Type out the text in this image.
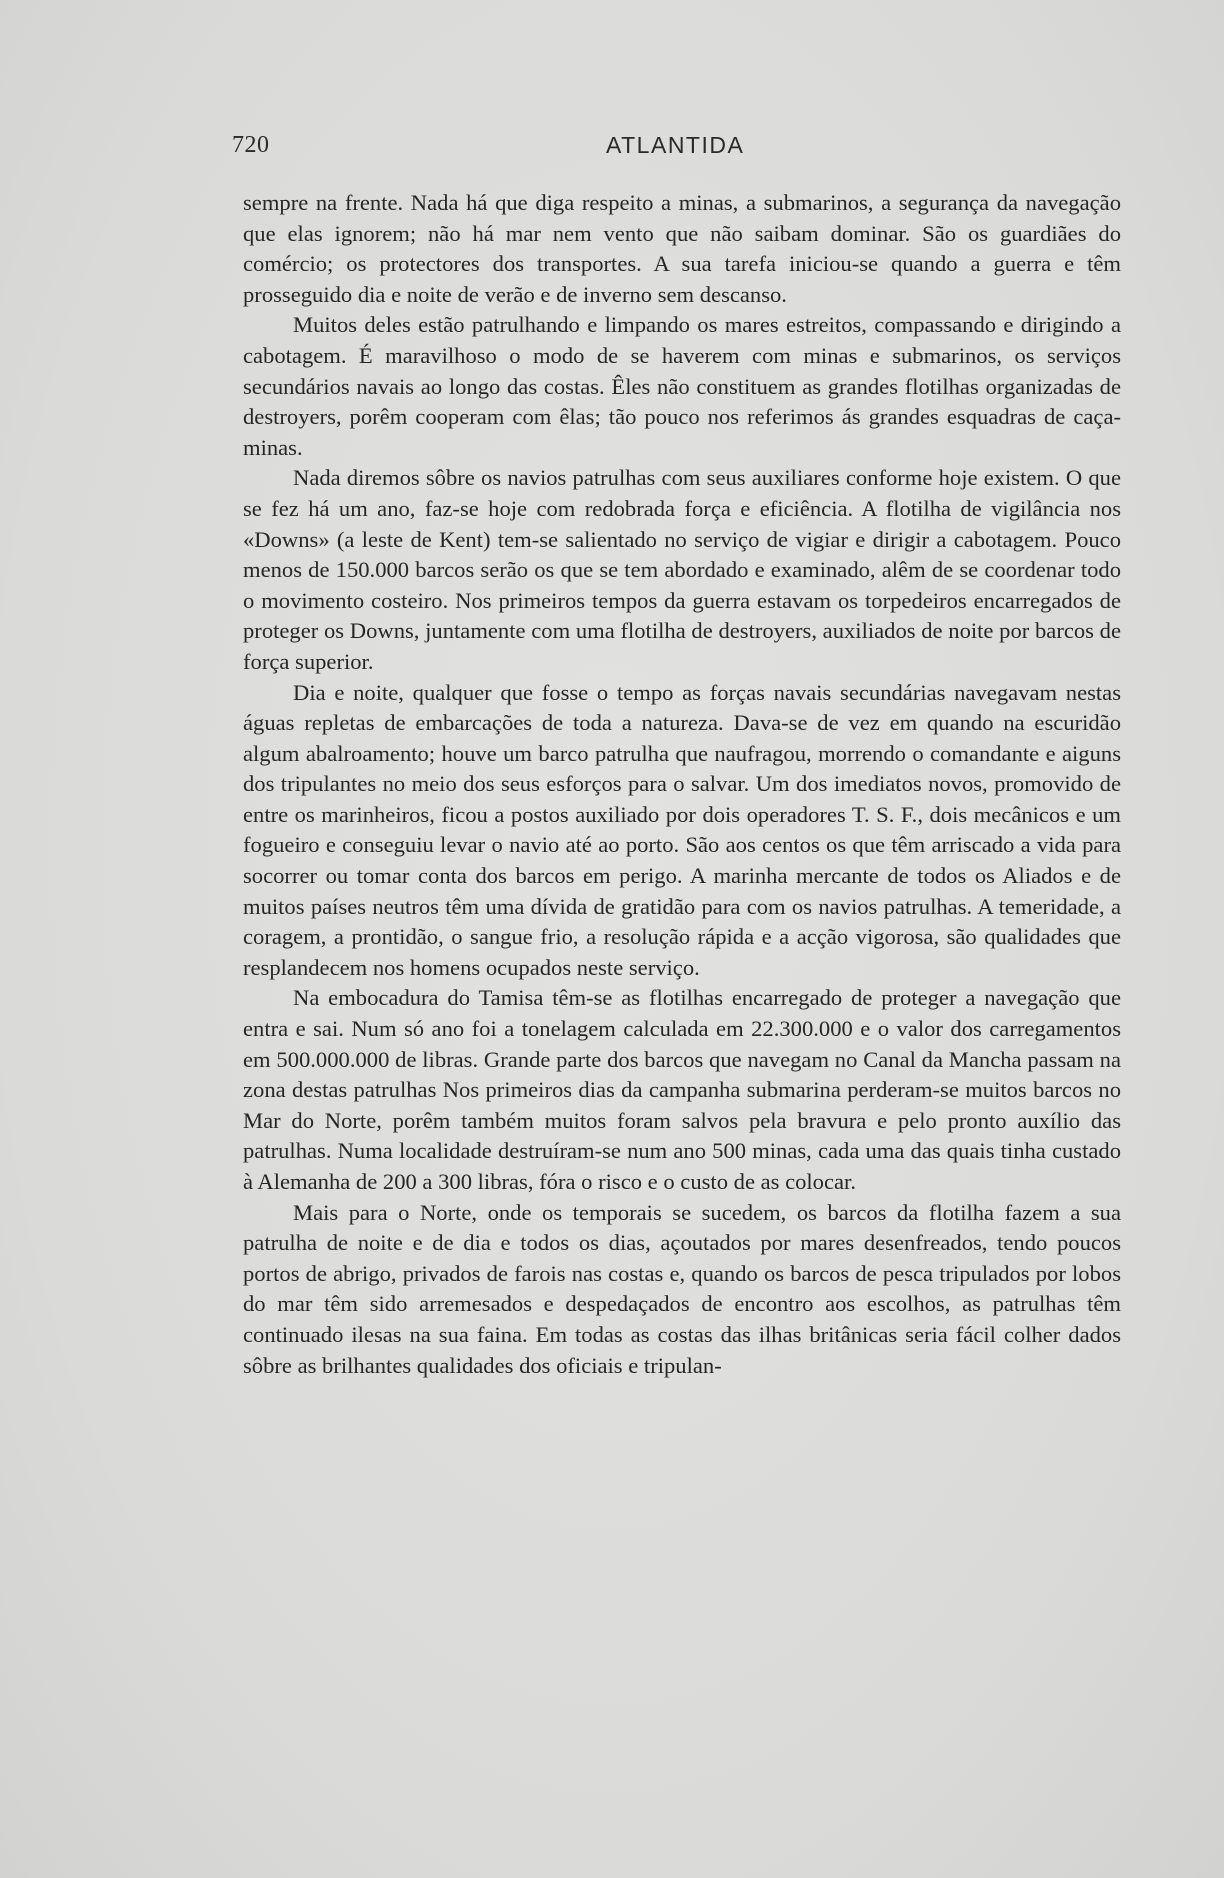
720	ATLANTIDA

sempre na frente. Nada há que diga respeito a minas, a submarinos, a segurança da navegação que elas ignorem; não há mar nem vento que não saibam dominar. São os guardiães do comércio; os protectores dos transportes. A sua tarefa iniciou-se quando a guerra e têm prosseguido dia e noite de verão e de inverno sem descanso.

Muitos deles estão patrulhando e limpando os mares estreitos, compassando e dirigindo a cabotagem. É maravilhoso o modo de se haverem com minas e submarinos, os serviços secundários navais ao longo das costas. Êles não constituem as grandes flotilhas organizadas de destroyers, porêm cooperam com êlas; tão pouco nos referimos ás grandes esquadras de caça-minas.

Nada diremos sôbre os navios patrulhas com seus auxiliares conforme hoje existem. O que se fez há um ano, faz-se hoje com redobrada força e eficiência. A flotilha de vigilância nos «Downs» (a leste de Kent) tem-se salientado no serviço de vigiar e dirigir a cabotagem. Pouco menos de 150.000 barcos serão os que se tem abordado e examinado, alêm de se coordenar todo o movimento costeiro. Nos primeiros tempos da guerra estavam os torpedeiros encarregados de proteger os Downs, juntamente com uma flotilha de destroyers, auxiliados de noite por barcos de força superior.

Dia e noite, qualquer que fosse o tempo as forças navais secundárias navegavam nestas águas repletas de embarcações de toda a natureza. Dava-se de vez em quando na escuridão algum abalroamento; houve um barco patrulha que naufragou, morrendo o comandante e aiguns dos tripulantes no meio dos seus esforços para o salvar. Um dos imediatos novos, promovido de entre os marinheiros, ficou a postos auxiliado por dois operadores T. S. F., dois mecânicos e um fogueiro e conseguiu levar o navio até ao porto. São aos centos os que têm arriscado a vida para socorrer ou tomar conta dos barcos em perigo. A marinha mercante de todos os Aliados e de muitos países neutros têm uma dívida de gratidão para com os navios patrulhas. A temeridade, a coragem, a prontidão, o sangue frio, a resolução rápida e a acção vigorosa, são qualidades que resplandecem nos homens ocupados neste serviço.

Na embocadura do Tamisa têm-se as flotilhas encarregado de proteger a navegação que entra e sai. Num só ano foi a tonelagem calculada em 22.300.000 e o valor dos carregamentos em 500.000.000 de libras. Grande parte dos barcos que navegam no Canal da Mancha passam na zona destas patrulhas Nos primeiros dias da campanha submarina perderam-se muitos barcos no Mar do Norte, porêm também muitos foram salvos pela bravura e pelo pronto auxílio das patrulhas. Numa localidade destruíram-se num ano 500 minas, cada uma das quais tinha custado à Alemanha de 200 a 300 libras, fóra o risco e o custo de as colocar.

Mais para o Norte, onde os temporais se sucedem, os barcos da flotilha fazem a sua patrulha de noite e de dia e todos os dias, açoutados por mares desenfreados, tendo poucos portos de abrigo, privados de farois nas costas e, quando os barcos de pesca tripulados por lobos do mar têm sido arremesados e despedaçados de encontro aos escolhos, as patrulhas têm continuado ilesas na sua faina. Em todas as costas das ilhas britânicas seria fácil colher dados sôbre as brilhantes qualidades dos oficiais e tripulan-
